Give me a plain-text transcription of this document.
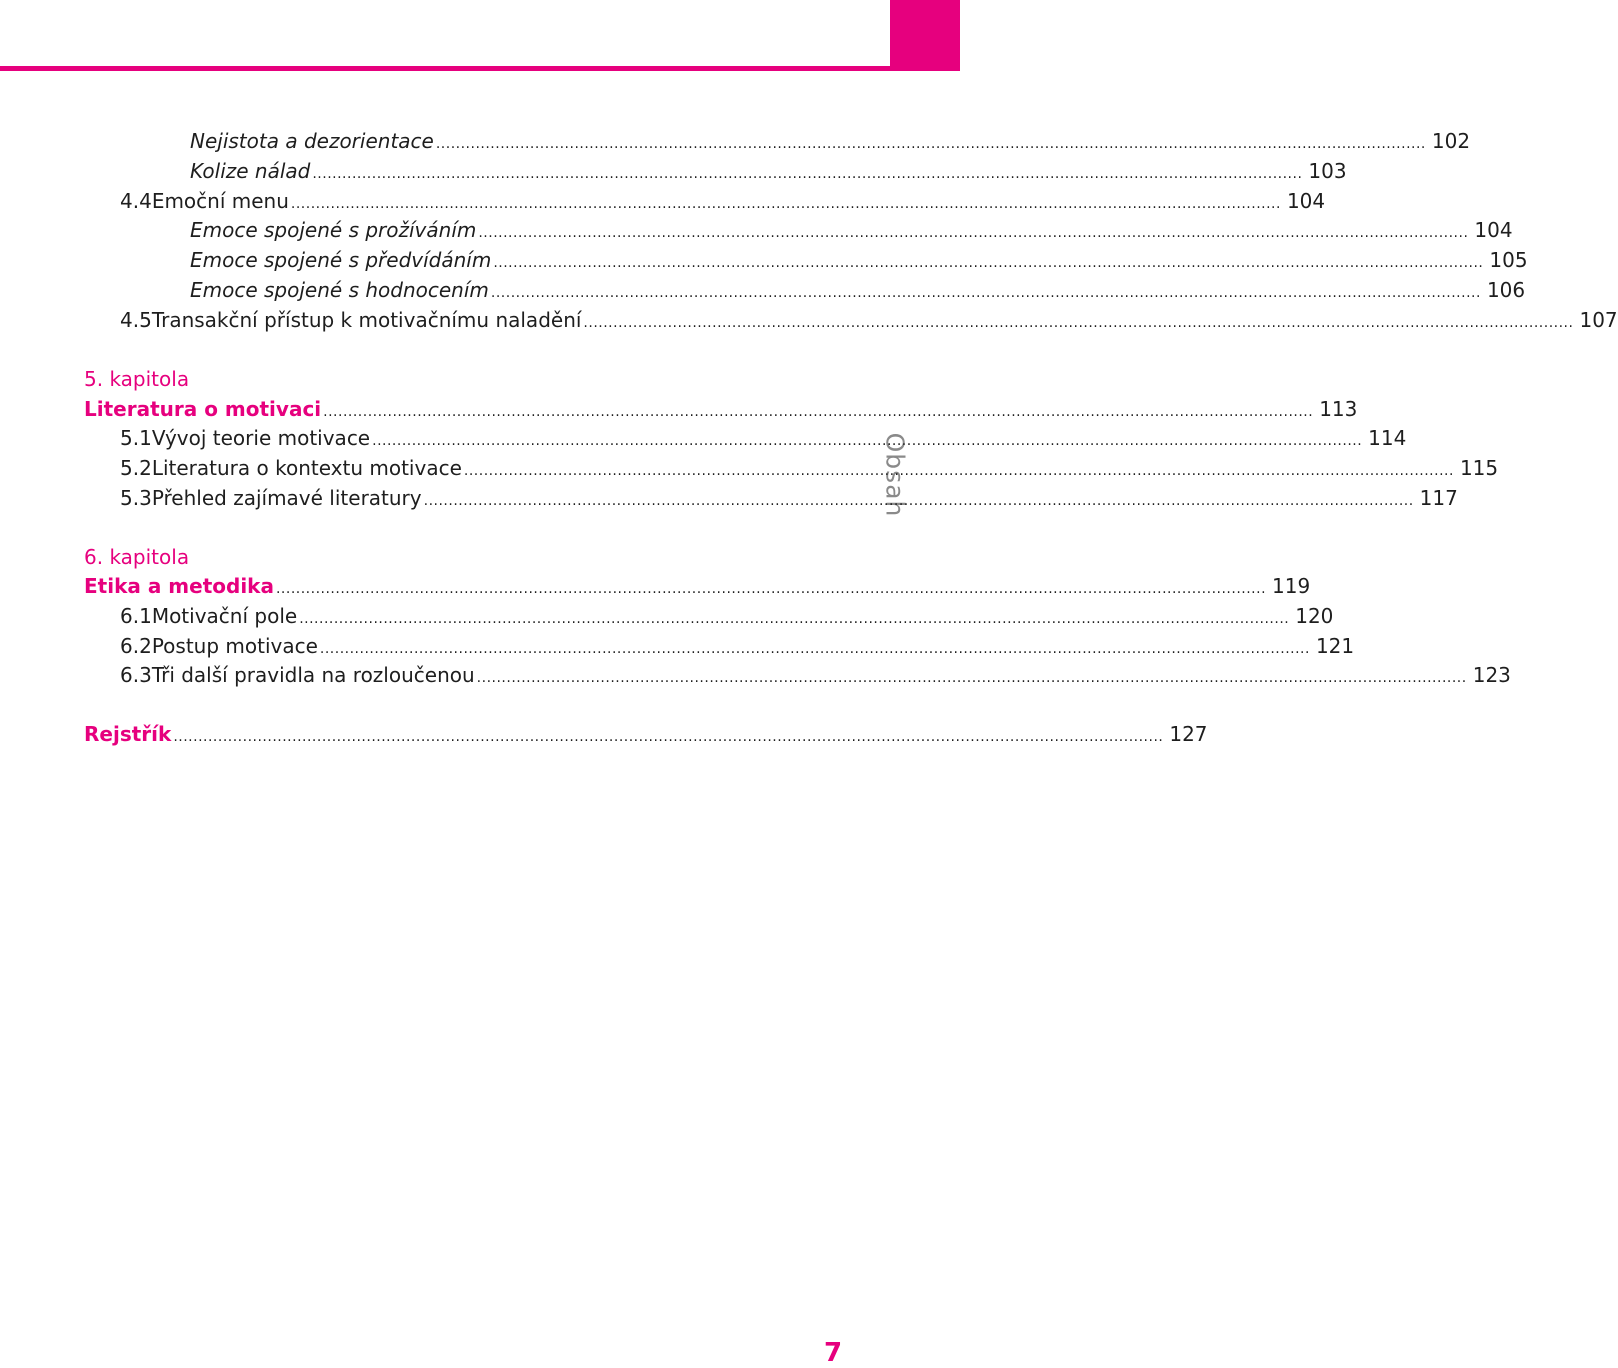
Obsah
Nejistota a dezorientace ........................................................................................................................................................................................................ 102
Kolize nálad ........................................................................................................................................................................................................ 103
4.4 Emoční menu ........................................................................................................................................................................................................ 104
Emoce spojené s prožíváním ........................................................................................................................................................................................................ 104
Emoce spojené s předvídáním ........................................................................................................................................................................................................ 105
Emoce spojené s hodnocením ........................................................................................................................................................................................................ 106
4.5 Transakční přístup k motivačnímu naladění ........................................................................................................................................................................................................ 107
5. kapitola
Literatura o motivaci ........................................................................................................................................................................................................ 113
5.1 Vývoj teorie motivace ........................................................................................................................................................................................................ 114
5.2 Literatura o kontextu motivace ........................................................................................................................................................................................................ 115
5.3 Přehled zajímavé literatury ........................................................................................................................................................................................................ 117
6. kapitola
Etika a metodika ........................................................................................................................................................................................................ 119
6.1 Motivační pole ........................................................................................................................................................................................................ 120
6.2 Postup motivace ........................................................................................................................................................................................................ 121
6.3 Tři další pravidla na rozloučenou ........................................................................................................................................................................................................ 123
Rejstřík ........................................................................................................................................................................................................ 127
7
